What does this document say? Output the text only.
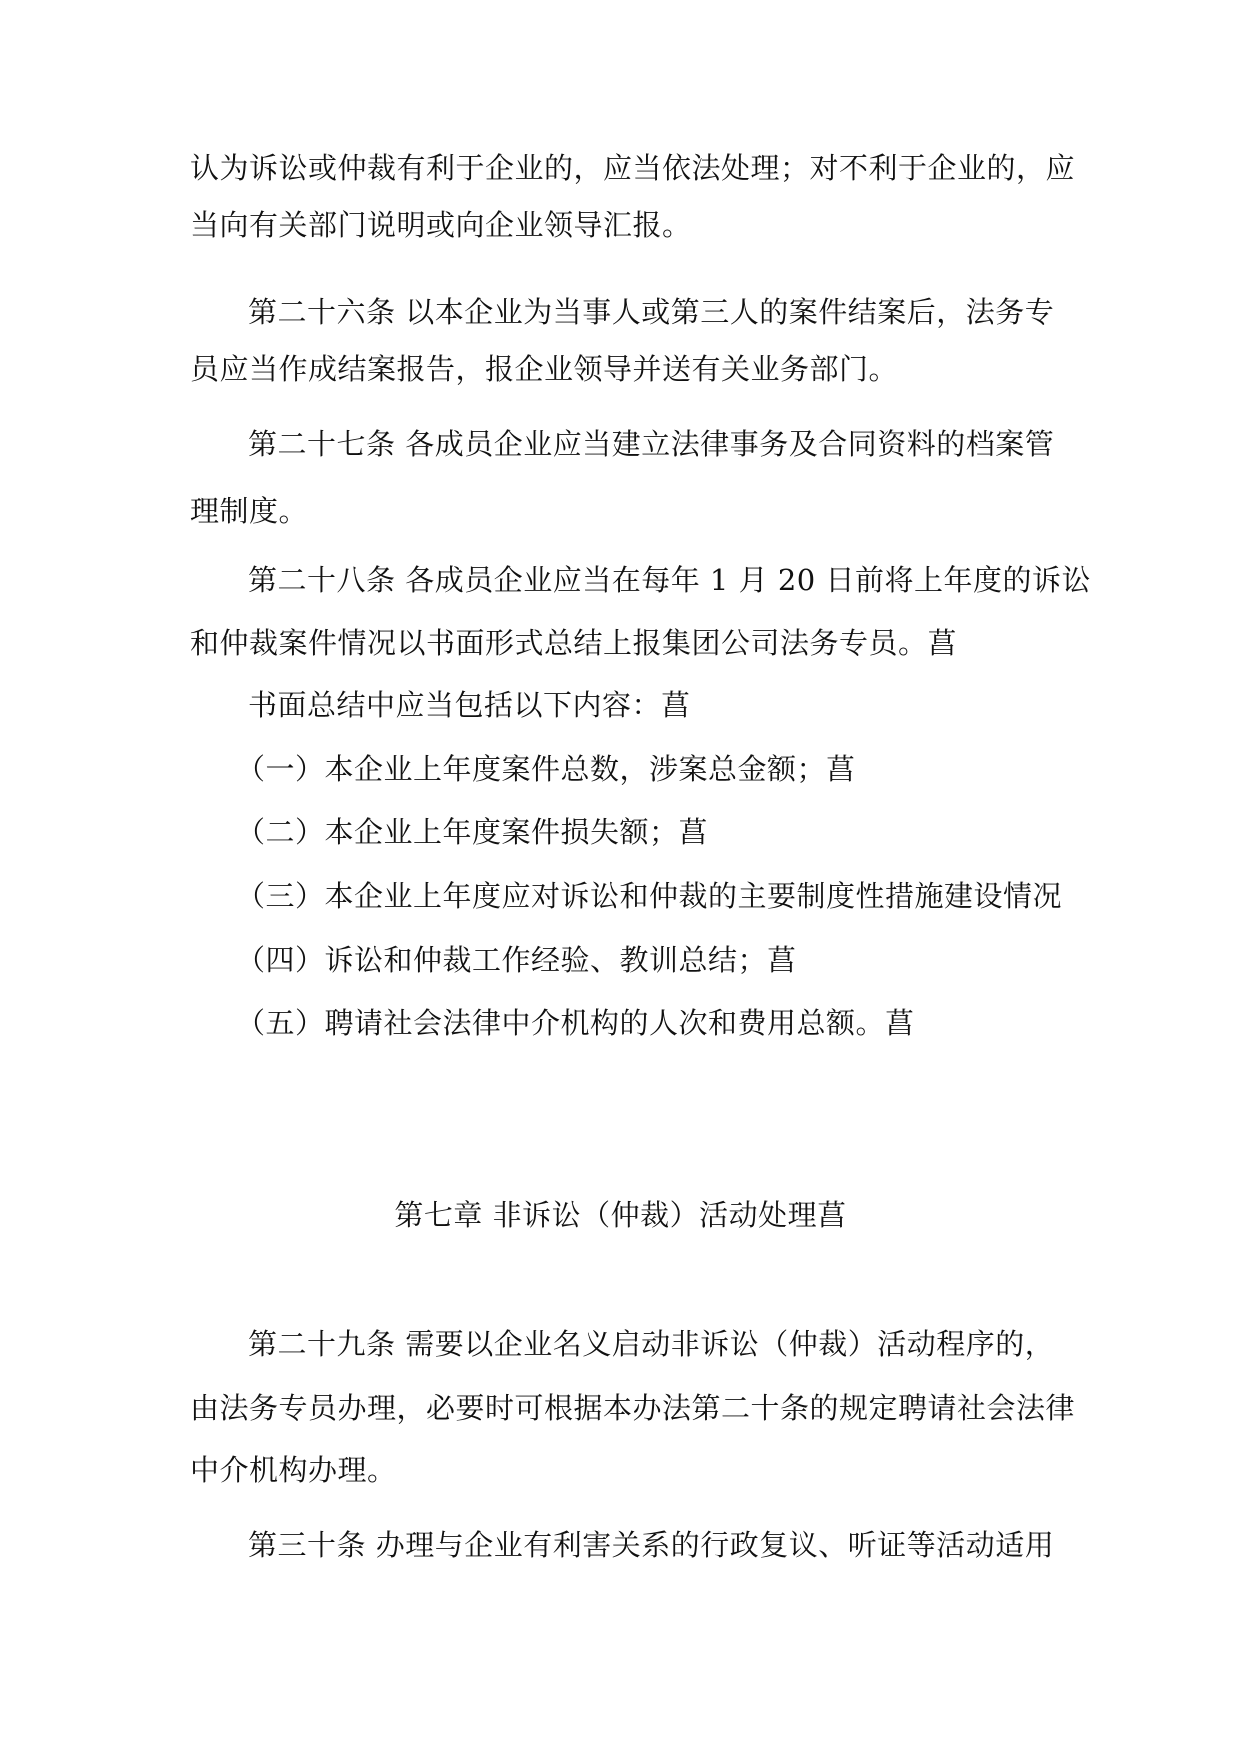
认为诉讼或仲裁有利于企业的，应当依法处理；对不利于企业的，应
当向有关部门说明或向企业领导汇报。
第二十六条 以本企业为当事人或第三人的案件结案后，法务专
员应当作成结案报告，报企业领导并送有关业务部门。
第二十七条 各成员企业应当建立法律事务及合同资料的档案管
理制度。
第二十八条 各成员企业应当在每年 1 月 20 日前将上年度的诉讼
和仲裁案件情况以书面形式总结上报集团公司法务专员。菖
书面总结中应当包括以下内容：菖
（一）本企业上年度案件总数，涉案总金额；菖
（二）本企业上年度案件损失额；菖
（三）本企业上年度应对诉讼和仲裁的主要制度性措施建设情况
（四）诉讼和仲裁工作经验、教训总结；菖
（五）聘请社会法律中介机构的人次和费用总额。菖
第七章 非诉讼（仲裁）活动处理菖
第二十九条 需要以企业名义启动非诉讼（仲裁）活动程序的，
由法务专员办理，必要时可根据本办法第二十条的规定聘请社会法律
中介机构办理。
第三十条 办理与企业有利害关系的行政复议、听证等活动适用
